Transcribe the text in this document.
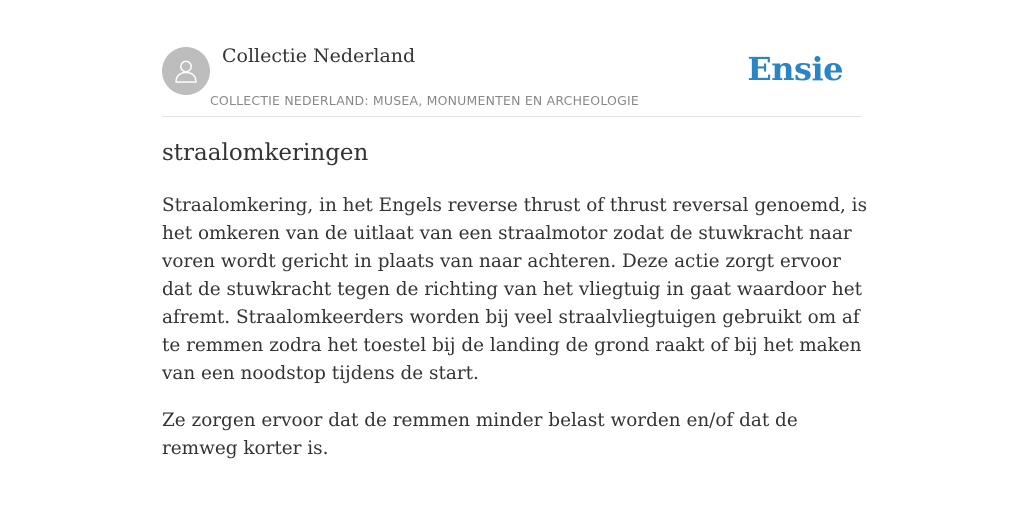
Collectie Nederland
COLLECTIE NEDERLAND: MUSEA, MONUMENTEN EN ARCHEOLOGIE
Ensie
straalomkeringen

Straalomkering, in het Engels reverse thrust of thrust reversal genoemd, is het omkeren van de uitlaat van een straalmotor zodat de stuwkracht naar voren wordt gericht in plaats van naar achteren. Deze actie zorgt ervoor dat de stuwkracht tegen de richting van het vliegtuig in gaat waardoor het afremt. Straalomkeerders worden bij veel straalvliegtuigen gebruikt om af te remmen zodra het toestel bij de landing de grond raakt of bij het maken van een noodstop tijdens de start.

Ze zorgen ervoor dat de remmen minder belast worden en/of dat de remweg korter is.
